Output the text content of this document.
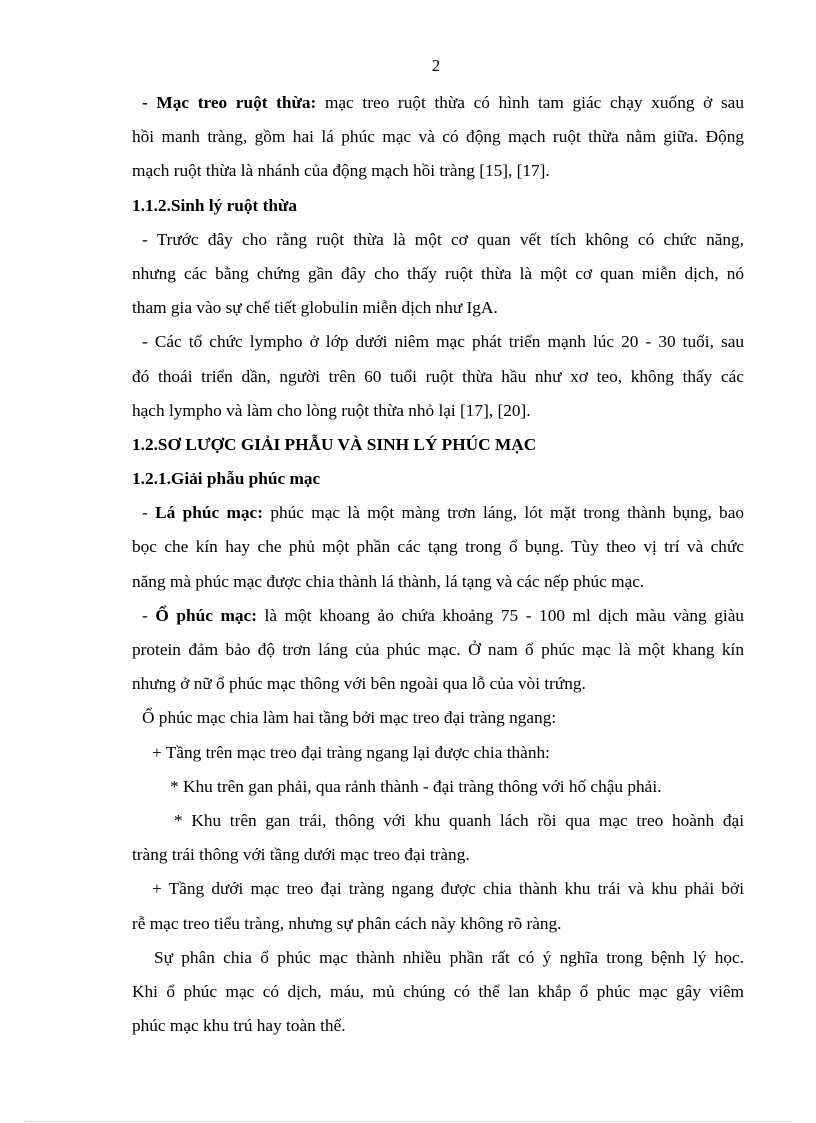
2
- Mạc treo ruột thừa: mạc treo ruột thừa có hình tam giác chạy xuống ở sau
hồi manh tràng, gồm hai lá phúc mạc và có động mạch ruột thừa nằm giữa. Động
mạch ruột thừa là nhánh của động mạch hồi tràng [15], [17].
1.1.2.Sinh lý ruột thừa
- Trước đây cho rằng ruột thừa là một cơ quan vết tích không có chức năng,
nhưng các bằng chứng gần đây cho thấy ruột thừa là một cơ quan miễn dịch, nó
tham gia vào sự chế tiết globulin miễn dịch như IgA.
- Các tổ chức lympho ở lớp dưới niêm mạc phát triển mạnh lúc 20 - 30 tuổi, sau
đó thoái triển dần, người trên 60 tuổi ruột thừa hầu như xơ teo, không thấy các
hạch lympho và làm cho lòng ruột thừa nhỏ lại [17], [20].
1.2.SƠ LƯỢC GIẢI PHẪU VÀ SINH LÝ PHÚC MẠC
1.2.1.Giải phẫu phúc mạc
- Lá phúc mạc: phúc mạc là một màng trơn láng, lót mặt trong thành bụng, bao
bọc che kín hay che phủ một phần các tạng trong ổ bụng. Tùy theo vị trí và chức
năng mà phúc mạc được chia thành lá thành, lá tạng và các nếp phúc mạc.
- Ổ phúc mạc: là một khoang ảo chứa khoảng 75 - 100 ml dịch màu vàng giàu
protein đảm bảo độ trơn láng của phúc mạc. Ở nam ổ phúc mạc là một khang kín
nhưng ở nữ ổ phúc mạc thông với bên ngoài qua lỗ của vòi trứng.
Ổ phúc mạc chia làm hai tầng bởi mạc treo đại tràng ngang:
+ Tầng trên mạc treo đại tràng ngang lại được chia thành:
* Khu trên gan phải, qua rảnh thành - đại tràng thông với hố chậu phải.
* Khu trên gan trái, thông với khu quanh lách rồi qua mạc treo hoành đại
tràng trái thông với tầng dưới mạc treo đại tràng.
+ Tầng dưới mạc treo đại tràng ngang được chia thành khu trái và khu phải bởi
rễ mạc treo tiểu tràng, nhưng sự phân cách này không rõ ràng.
Sự phân chia ổ phúc mạc thành nhiều phần rất có ý nghĩa trong bệnh lý học.
Khi ổ phúc mạc có dịch, máu, mủ chúng có thể lan khắp ổ phúc mạc gây viêm
phúc mạc khu trú hay toàn thể.
